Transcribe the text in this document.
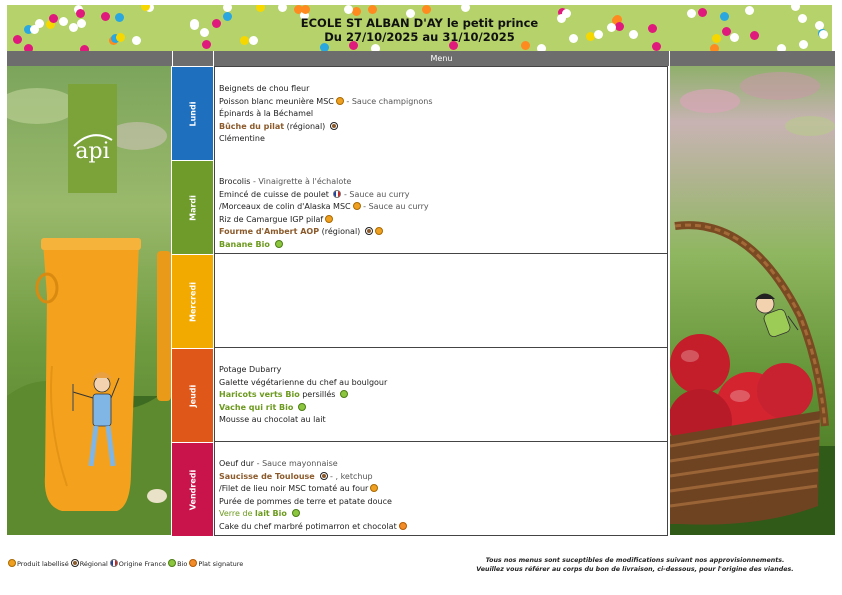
ECOLE ST ALBAN D'AY le petit prince
Du 27/10/2025 au 31/10/2025
Menu
api
Lundi
Beignets de chou fleur
Poisson blanc meunière MSC - Sauce champignons
Épinards à la Béchamel
Bûche du pilat (régional)
Clémentine
Mardi
Brocolis - Vinaigrette à l'échalote
Emincé de cuisse de poulet  - Sauce au curry
/Morceaux de colin d'Alaska MSC - Sauce au curry
Riz de Camargue IGP pilaf
Fourme d'Ambert AOP (régional)
Banane Bio
Mercredi
Jeudi
Potage Dubarry
Galette végétarienne du chef au boulgour
Haricots verts Bio persillés
Vache qui rit Bio
Mousse au chocolat au lait
Vendredi
Oeuf dur - Sauce mayonnaise
Saucisse de Toulouse  - , ketchup
/Filet de lieu noir MSC tomaté au four
Purée de pommes de terre et patate douce
Verre de lait Bio
Cake du chef marbré potimarron et chocolat
Produit labellisé Régional Origine France Bio Plat signature	Tous nos menus sont suceptibles de modifications suivant nos approvisionnements.
Veuillez vous référer au corps du bon de livraison, ci-dessous, pour l'origine des viandes.
